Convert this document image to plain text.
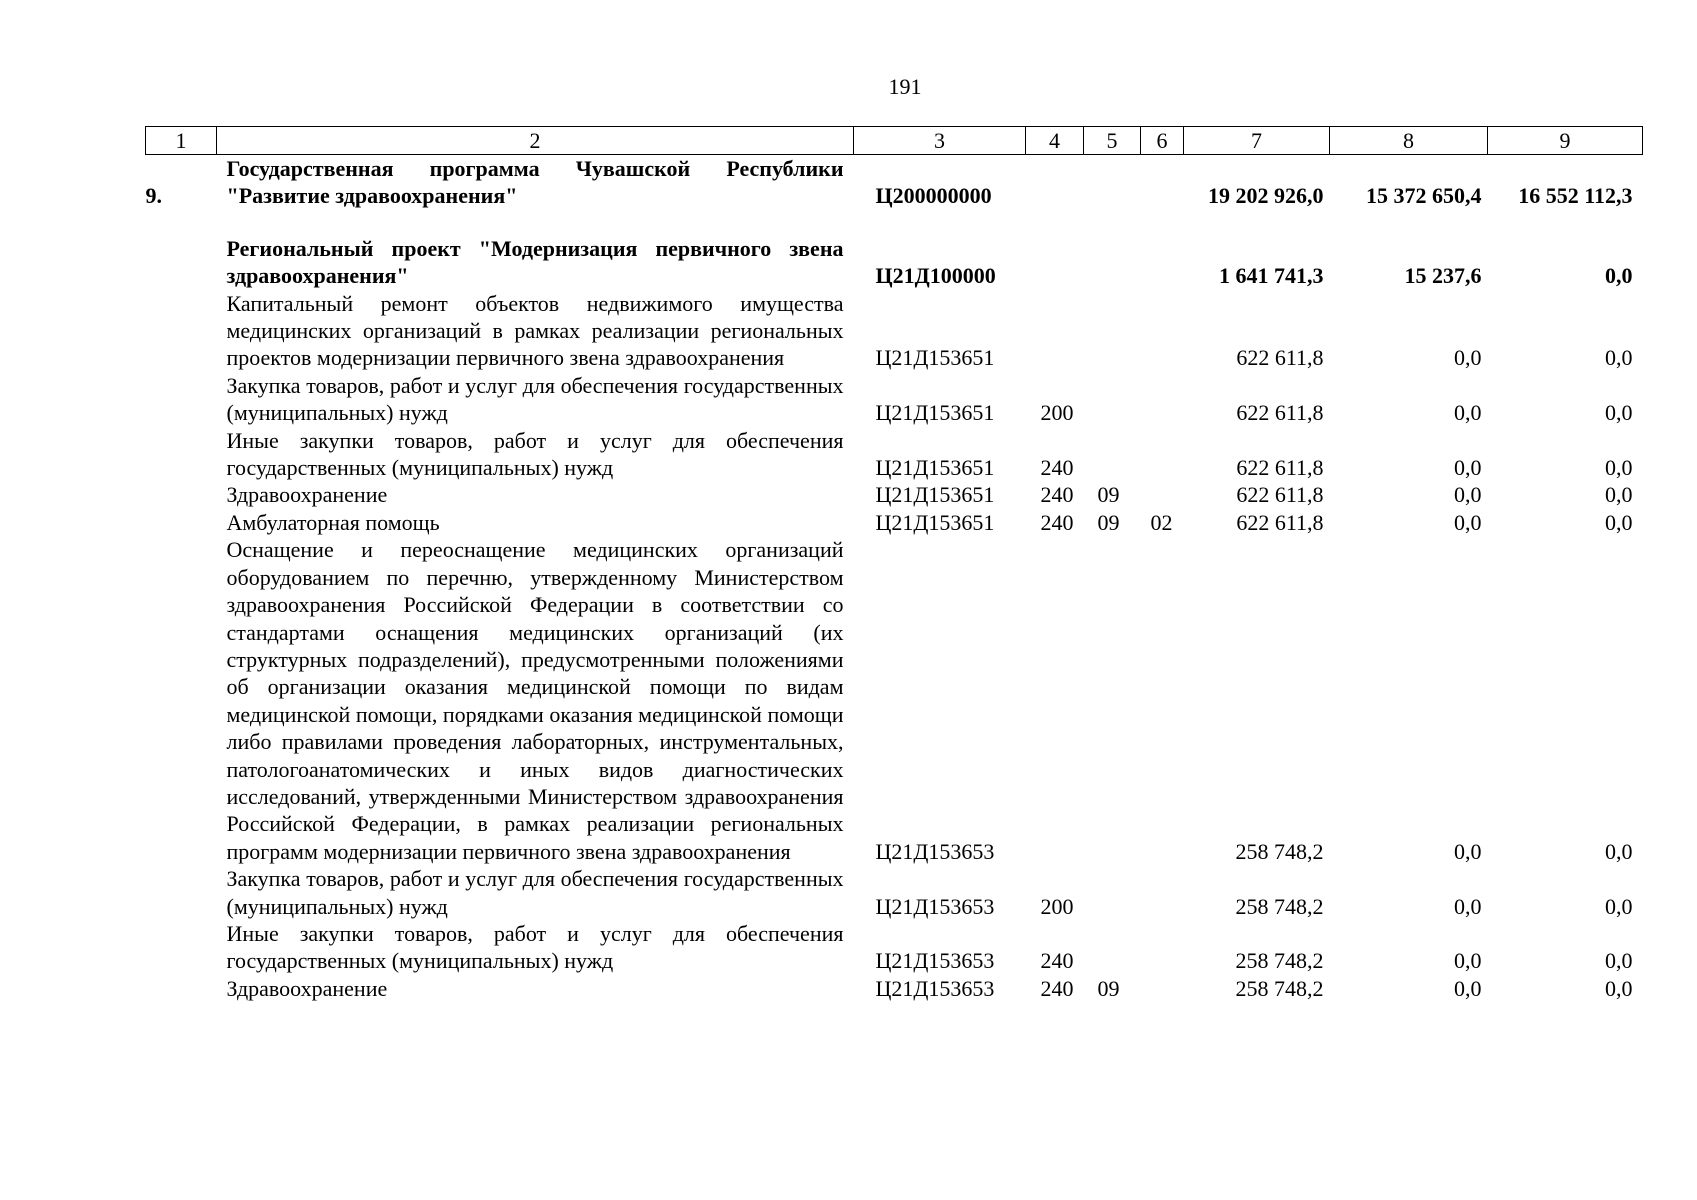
191
1	2	3	4	5	6	7	8	9
9.	Государственная программа Чувашской Республики "Развитие здравоохранения"	Ц200000000				19 202 926,0	15 372 650,4	16 552 112,3
	Региональный проект "Модернизация первичного звена здравоохранения"	Ц21Д100000				1 641 741,3	15 237,6	0,0
	Капитальный ремонт объектов недвижимого имущества медицинских организаций в рамках реализации региональных проектов модернизации первичного звена здравоохранения	Ц21Д153651				622 611,8	0,0	0,0
	Закупка товаров, работ и услуг для обеспечения государственных (муниципальных) нужд	Ц21Д153651	200			622 611,8	0,0	0,0
	Иные закупки товаров, работ и услуг для обеспечения государственных (муниципальных) нужд	Ц21Д153651	240			622 611,8	0,0	0,0
	Здравоохранение	Ц21Д153651	240	09		622 611,8	0,0	0,0
	Амбулаторная помощь	Ц21Д153651	240	09	02	622 611,8	0,0	0,0
	Оснащение и переоснащение медицинских организаций оборудованием по перечню, утвержденному Министерством здравоохранения Российской Федерации в соответствии со стандартами оснащения медицинских организаций (их структурных подразделений), предусмотренными положениями об организации оказания медицинской помощи по видам медицинской помощи, порядками оказания медицинской помощи либо правилами проведения лабораторных, инструментальных, патологоанатомических и иных видов диагностических исследований, утвержденными Министерством здравоохранения Российской Федерации, в рамках реализации региональных программ модернизации первичного звена здравоохранения	Ц21Д153653				258 748,2	0,0	0,0
	Закупка товаров, работ и услуг для обеспечения государственных (муниципальных) нужд	Ц21Д153653	200			258 748,2	0,0	0,0
	Иные закупки товаров, работ и услуг для обеспечения государственных (муниципальных) нужд	Ц21Д153653	240			258 748,2	0,0	0,0
	Здравоохранение	Ц21Д153653	240	09		258 748,2	0,0	0,0
